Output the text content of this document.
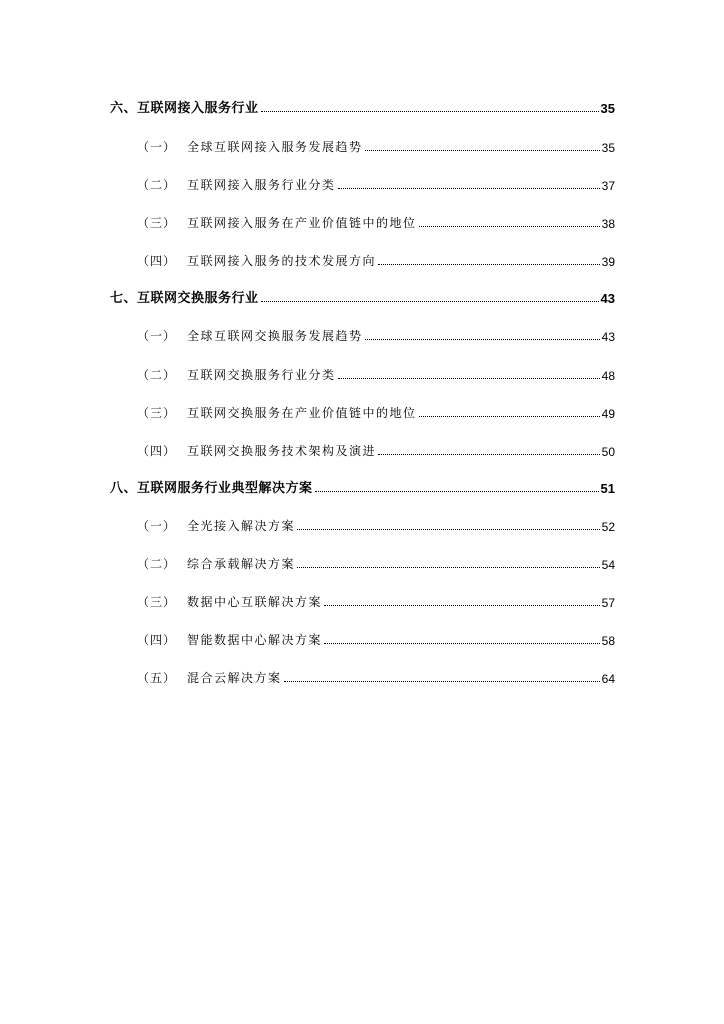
六、互联网接入服务行业	35
（一） 全球互联网接入服务发展趋势	35
（二） 互联网接入服务行业分类	37
（三） 互联网接入服务在产业价值链中的地位	38
（四） 互联网接入服务的技术发展方向	39
七、互联网交换服务行业	43
（一） 全球互联网交换服务发展趋势	43
（二） 互联网交换服务行业分类	48
（三） 互联网交换服务在产业价值链中的地位	49
（四） 互联网交换服务技术架构及演进	50
八、互联网服务行业典型解决方案	51
（一） 全光接入解决方案	52
（二） 综合承载解决方案	54
（三） 数据中心互联解决方案	57
（四） 智能数据中心解决方案	58
（五） 混合云解决方案	64
